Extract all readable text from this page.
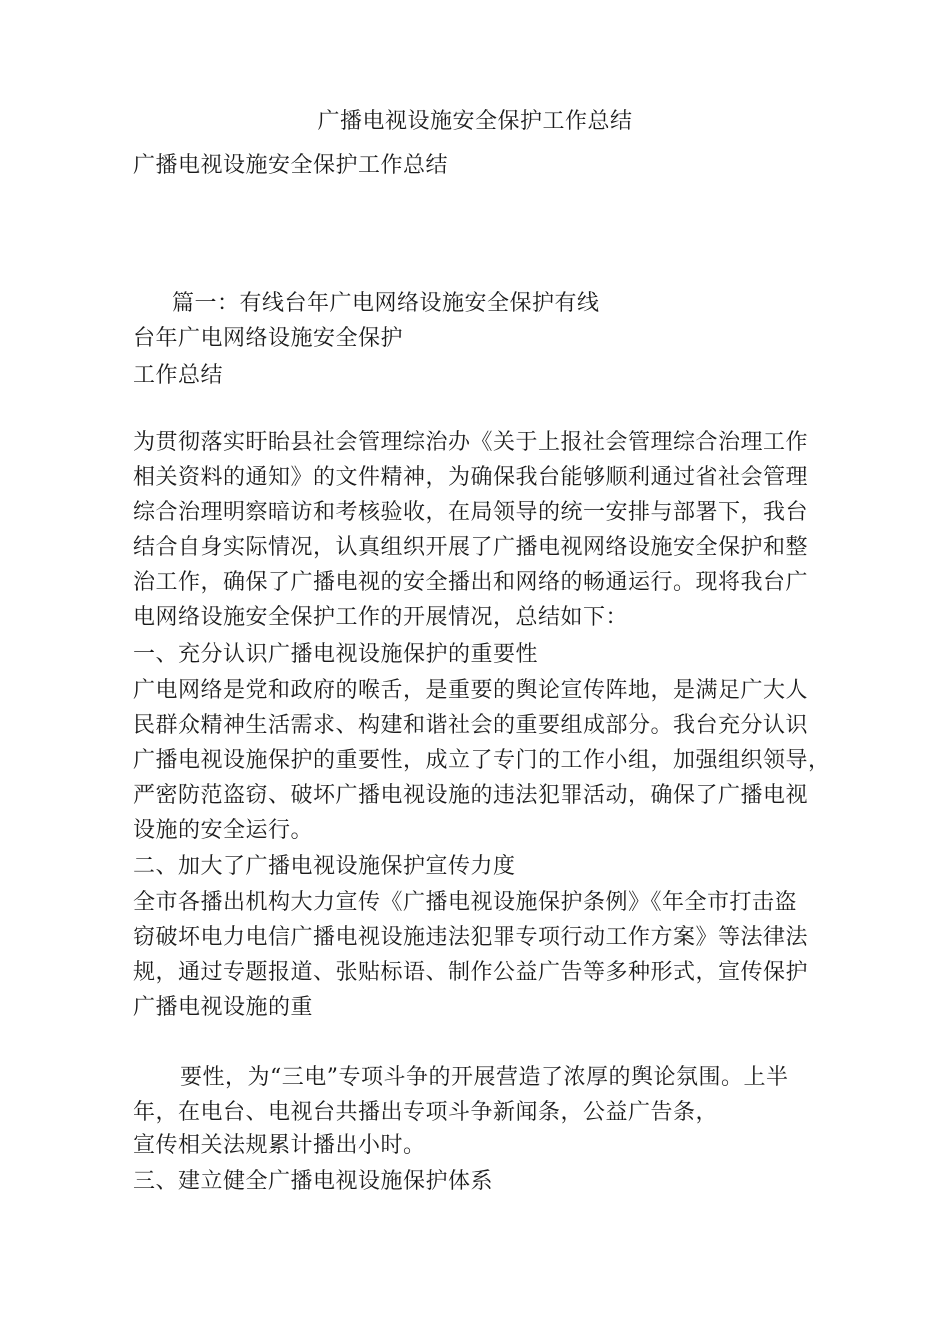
广播电视设施安全保护工作总结
广播电视设施安全保护工作总结
篇一：有线台年广电网络设施安全保护有线
台年广电网络设施安全保护
工作总结
为贯彻落实盱眙县社会管理综治办《关于上报社会管理综合治理工作
相关资料的通知》的文件精神，为确保我台能够顺利通过省社会管理
综合治理明察暗访和考核验收，在局领导的统一安排与部署下，我台
结合自身实际情况，认真组织开展了广播电视网络设施安全保护和整
治工作，确保了广播电视的安全播出和网络的畅通运行。现将我台广
电网络设施安全保护工作的开展情况，总结如下：
一、充分认识广播电视设施保护的重要性
广电网络是党和政府的喉舌，是重要的舆论宣传阵地，是满足广大人
民群众精神生活需求、构建和谐社会的重要组成部分。我台充分认识
广播电视设施保护的重要性，成立了专门的工作小组，加强组织领导，
严密防范盗窃、破坏广播电视设施的违法犯罪活动，确保了广播电视
设施的安全运行。
二、加大了广播电视设施保护宣传力度
全市各播出机构大力宣传《广播电视设施保护条例》《年全市打击盗
窃破坏电力电信广播电视设施违法犯罪专项行动工作方案》等法律法
规，通过专题报道、张贴标语、制作公益广告等多种形式，宣传保护
广播电视设施的重
要性，为“三电”专项斗争的开展营造了浓厚的舆论氛围。上半
年，在电台、电视台共播出专项斗争新闻条，公益广告条，
宣传相关法规累计播出小时。
三、建立健全广播电视设施保护体系
